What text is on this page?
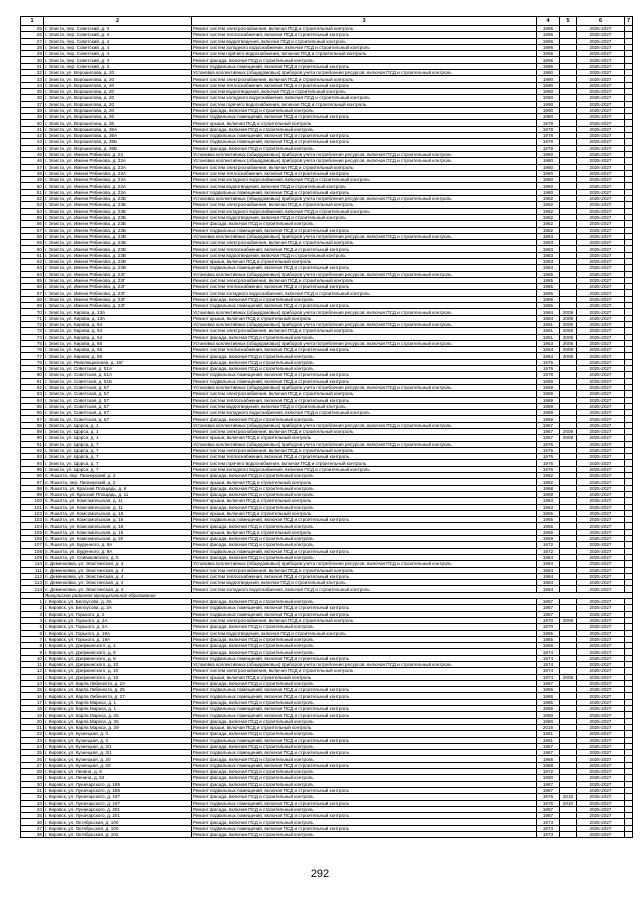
1	2	3	4	5	6	7
25	г. Элиста, пер. Советский, д. 4	Ремонт систем электроснабжения, включая ПСД и строительный контроль	1996		2025-2027	
26	г. Элиста, пер. Советский, д. 4	Ремонт систем теплоснабжения, включая ПСД и строительный контроль	1996		2025-2027	
27	г. Элиста, пер. Советский, д. 4	Ремонт систем водоотведения, включая ПСД и строительный контроль	1996		2025-2027	
28	г. Элиста, пер. Советский, д. 4	Ремонт систем холодного водоснабжения, включая ПСД и строительный контроль	1996		2025-2027	
29	г. Элиста, пер. Советский, д. 4	Ремонт систем горячего водоснабжения, включая ПСД и строительный контроль	1996		2025-2027	
30	г. Элиста, пер. Советский, д. 4	Ремонт фасада, включая ПСД и строительный контроль	1996		2025-2027	
31	г. Элиста, пер. Советский, д. 4	Ремонт подвальных помещений, включая ПСД и строительный контроль	1996		2025-2027	
32	г. Элиста, ул. Ворошилова, д. 20	Установка коллективных (общедомовых) приборов учета потребления ресурсов, включая ПСД и строительный контроль	1990		2025-2027	
33	г. Элиста, ул. Ворошилова, д. 20	Ремонт систем электроснабжения, включая ПСД и строительный контроль	1990		2025-2027	
34	г. Элиста, ул. Ворошилова, д. 20	Ремонт систем теплоснабжения, включая ПСД и строительный контроль	1990		2025-2027	
35	г. Элиста, ул. Ворошилова, д. 20	Ремонт систем водоотведения, включая ПСД и строительный контроль	1990		2025-2027	
36	г. Элиста, ул. Ворошилова, д. 20	Ремонт систем холодного водоснабжения, включая ПСД и строительный контроль	1990		2025-2027	
37	г. Элиста, ул. Ворошилова, д. 20	Ремонт систем горячего водоснабжения, включая ПСД и строительный контроль	1990		2025-2027	
38	г. Элиста, ул. Ворошилова, д. 20	Ремонт фасада, включая ПСД и строительный контроль	1990		2025-2027	
39	г. Элиста, ул. Ворошилова, д. 20	Ремонт подвальных помещений, включая ПСД и строительный контроль	1990		2025-2027	
40	г. Элиста, ул. Ворошилова, д. 36	Ремонт крыши, включая ПСД и строительный контроль	1978		2025-2027	
41	г. Элиста, ул. Ворошилова, д. 36А	Ремонт фасада, включая ПСД и строительный контроль	1978		2025-2027	
42	г. Элиста, ул. Ворошилова, д. 36А	Ремонт подвальных помещений, включая ПСД и строительный контроль	1978		2025-2027	
43	г. Элиста, ул. Ворошилова, д. 36Б	Ремонт подвальных помещений, включая ПСД и строительный контроль	1979		2025-2027	
44	г. Элиста, ул. Ворошилова, д. 36Б	Ремонт фасада, включая ПСД и строительный контроль	1979		2025-2027	
45	г. Элиста, ул. Имени Рябинова, д. 23	Установка коллективных (общедомовых) приборов учета потребления ресурсов, включая ПСД и строительный контроль	1980		2025-2027	
46	г. Элиста, ул. Имени Рябинова, д. 23А	Установка коллективных (общедомовых) приборов учета потребления ресурсов, включая ПСД и строительный контроль	1980		2025-2027	
47	г. Элиста, ул. Имени Рябинова, д. 23А	Ремонт систем электроснабжения, включая ПСД и строительный контроль	1980		2025-2027	
48	г. Элиста, ул. Имени Рябинова, д. 23А	Ремонт систем теплоснабжения, включая ПСД и строительный контроль	1980		2025-2027	
49	г. Элиста, ул. Имени Рябинова, д. 23А	Ремонт систем холодного водоснабжения, включая ПСД и строительный контроль	1980		2025-2027	
50	г. Элиста, ул. Имени Рябинова, д. 23А	Ремонт систем водоотведения, включая ПСД и строительный контроль	1980		2025-2027	
51	г. Элиста, ул. Имени Рябинова, д. 23А	Ремонт подвальных помещений, включая ПСД и строительный контроль	1980		2025-2027	
52	г. Элиста, ул. Имени Рябинова, д. 23Б	Установка коллективных (общедомовых) приборов учета потребления ресурсов, включая ПСД и строительный контроль	1982		2025-2027	
53	г. Элиста, ул. Имени Рябинова, д. 23Б	Ремонт систем электроснабжения, включая ПСД и строительный контроль	1982		2025-2027	
54	г. Элиста, ул. Имени Рябинова, д. 23Б	Ремонт систем холодного водоснабжения, включая ПСД и строительный контроль	1982		2025-2027	
55	г. Элиста, ул. Имени Рябинова, д. 23Б	Ремонт систем водоотведения, включая ПСД и строительный контроль	1982		2025-2027	
56	г. Элиста, ул. Имени Рябинова, д. 23Б	Ремонт фасада, включая ПСД и строительный контроль	1982		2025-2027	
57	г. Элиста, ул. Имени Рябинова, д. 23Б	Ремонт подвальных помещений, включая ПСД и строительный контроль	1982		2025-2027	
58	г. Элиста, ул. Имени Рябинова, д. 23В	Установка коллективных (общедомовых) приборов учета потребления ресурсов, включая ПСД и строительный контроль	1983		2025-2027	
59	г. Элиста, ул. Имени Рябинова, д. 23В	Ремонт систем электроснабжения, включая ПСД и строительный контроль	1983		2025-2027	
60	г. Элиста, ул. Имени Рябинова, д. 23В	Ремонт систем теплоснабжения, включая ПСД и строительный контроль	1983		2025-2027	
61	г. Элиста, ул. Имени Рябинова, д. 23В	Ремонт систем водоотведения, включая ПСД и строительный контроль	1983		2025-2027	
62	г. Элиста, ул. Имени Рябинова, д. 23В	Ремонт крыши, включая ПСД и строительный контроль	1983		2025-2027	
63	г. Элиста, ул. Имени Рябинова, д. 23В	Ремонт подвальных помещений, включая ПСД и строительный контроль	1983		2025-2027	
64	г. Элиста, ул. Имени Рябинова, д. 23Г	Установка коллективных (общедомовых) приборов учета потребления ресурсов, включая ПСД и строительный контроль	1985		2025-2027	
65	г. Элиста, ул. Имени Рябинова, д. 23Г	Ремонт систем электроснабжения, включая ПСД и строительный контроль	1985		2025-2027	
66	г. Элиста, ул. Имени Рябинова, д. 23Г	Ремонт систем теплоснабжения, включая ПСД и строительный контроль	1985		2025-2027	
67	г. Элиста, ул. Имени Рябинова, д. 23Г	Ремонт систем холодного водоснабжения, включая ПСД и строительный контроль	1985		2025-2027	
68	г. Элиста, ул. Имени Рябинова, д. 23Г	Ремонт фасада, включая ПСД и строительный контроль	1985		2025-2027	
69	г. Элиста, ул. Имени Рябинова, д. 23Г	Ремонт подвальных помещений, включая ПСД и строительный контроль	1985		2025-2027	
70	г. Элиста, ул. Кирова, д. 13А	Установка коллективных (общедомовых) приборов учета потребления ресурсов, включая ПСД и строительный контроль	1984	2009	2025-2027	
71	г. Элиста, ул. Кирова, д. 13А	Ремонт крыши, включая ПСД и строительный контроль	1984	2009	2025-2027	
72	г. Элиста, ул. Кирова, д. 64	Установка коллективных (общедомовых) приборов учета потребления ресурсов, включая ПСД и строительный контроль	1961	2006	2025-2027	
73	г. Элиста, ул. Кирова, д. 64	Ремонт систем электроснабжения, включая ПСД и строительный контроль	1961	2006	2025-2027	
74	г. Элиста, ул. Кирова, д. 64	Ремонт фасада, включая ПСД и строительный контроль	1961	2006	2025-2027	
75	г. Элиста, ул. Кирова, д. 66	Установка коллективных (общедомовых) приборов учета потребления ресурсов, включая ПСД и строительный контроль	1963	2008	2025-2027	
76	г. Элиста, ул. Кирова, д. 66	Ремонт систем теплоснабжения, включая ПСД и строительный контроль	1963	2008	2025-2027	
77	г. Элиста, ул. Кирова, д. 66	Ремонт фасада, включая ПСД и строительный контроль	1963	2008	2025-2027	
78	г. Элиста, ул. Революционная, д. 16Г	Ремонт фасада, включая ПСД и строительный контроль	1976		2025-2027	
79	г. Элиста, ул. Советская, д. 51А	Ремонт фасада, включая ПСД и строительный контроль	1976		2025-2027	
80	г. Элиста, ул. Советская, д. 51А	Ремонт подвальных помещений, включая ПСД и строительный контроль	1976		2025-2027	
81	г. Элиста, ул. Советская, д. 51Б	Ремонт подвальных помещений, включая ПСД и строительный контроль	1986		2025-2027	
82	г. Элиста, ул. Советская, д. 57	Установка коллективных (общедомовых) приборов учета потребления ресурсов, включая ПСД и строительный контроль	1989		2025-2027	
83	г. Элиста, ул. Советская, д. 57	Ремонт систем электроснабжения, включая ПСД и строительный контроль	1989		2025-2027	
84	г. Элиста, ул. Советская, д. 57	Ремонт систем теплоснабжения, включая ПСД и строительный контроль	1989		2025-2027	
85	г. Элиста, ул. Советская, д. 57	Ремонт систем водоотведения, включая ПСД и строительный контроль	1989		2025-2027	
86	г. Элиста, ул. Советская, д. 57	Ремонт систем холодного водоснабжения, включая ПСД и строительный контроль	1989		2025-2027	
87	г. Элиста, ул. Советская, д. 57	Ремонт фасада, включая ПСД и строительный контроль	1989		2025-2027	
88	г. Элиста, ул. Щорса, д. 1	Установка коллективных (общедомовых) приборов учета потребления ресурсов, включая ПСД и строительный контроль	1967		2025-2027	
89	г. Элиста, ул. Щорса, д. 1	Ремонт систем электроснабжения, включая ПСД и строительный контроль	1967	2009	2025-2027	
90	г. Элиста, ул. Щорса, д. 1	Ремонт крыши, включая ПСД и строительный контроль	1967	2009	2025-2027	
91	г. Элиста, ул. Щорса, д. 7	Установка коллективных (общедомовых) приборов учета потребления ресурсов, включая ПСД и строительный контроль	1976		2025-2027	
92	г. Элиста, ул. Щорса, д. 7	Ремонт систем электроснабжения, включая ПСД и строительный контроль	1976		2025-2027	
93	г. Элиста, ул. Щорса, д. 7	Ремонт систем теплоснабжения, включая ПСД и строительный контроль	1976		2025-2027	
94	г. Элиста, ул. Щорса, д. 7	Ремонт систем горячего водоснабжения, включая ПСД и строительный контроль	1976		2025-2027	
95	г. Элиста, ул. Щорса, д. 7	Ремонт систем холодного водоснабжения, включая ПСД и строительный контроль	1976		2025-2027	
96	п. Яшалта, пер. Пионерский, д. 2	Ремонт фасада, включая ПСД и строительный контроль	1982		2025-2027	
97	п. Яшалта, пер. Пионерский, д. 2	Ремонт крыши, включая ПСД и строительный контроль	1982		2025-2027	
98	п. Яшалта, ул. Красная Площадь, д. 9	Ремонт фасада, включая ПСД и строительный контроль	1968		2025-2027	
99	п. Яшалта, ул. Красная Площадь, д. 11	Ремонт фасада, включая ПСД и строительный контроль	1969		2025-2027	
100	п. Яшалта, ул. Комсомольская, д. 11	Ремонт крыши, включая ПСД и строительный контроль	1963		2025-2027	
101	п. Яшалта, ул. Комсомольская, д. 11	Ремонт фасада, включая ПСД и строительный контроль	1963		2025-2027	
102	п. Яшалта, ул. Комсомольская, д. 16	Ремонт крыши, включая ПСД и строительный контроль	1965		2025-2027	
103	п. Яшалта, ул. Комсомольская, д. 16	Ремонт подвальных помещений, включая ПСД и строительный контроль	1965		2025-2027	
104	п. Яшалта, ул. Комсомольская, д. 18	Ремонт фасада, включая ПСД и строительный контроль	1965		2025-2027	
105	п. Яшалта, ул. Комсомольская, д. 18	Ремонт крыши, включая ПСД и строительный контроль	1965		2025-2027	
106	п. Яшалта, ул. Комсомольская, д. 20	Ремонт фасада, включая ПСД и строительный контроль	1969		2025-2027	
107	п. Яшалта, ул. Буденного, д. 9А	Ремонт фасада, включая ПСД и строительный контроль	1972		2025-2027	
108	п. Яшалта, ул. Буденного, д. 9А	Ремонт подвальных помещений, включая ПСД и строительный контроль	1972		2025-2027	
109	п. Яшалта, ул. Спиваковского, д. 5	Ремонт фасада, включая ПСД и строительный контроль	1984		2025-2027	
110	п. Деменковка, ул. Элистинская, д. 4	Установка коллективных (общедомовых) приборов учета потребления ресурсов, включая ПСД и строительный контроль	1984		2025-2027	
111	п. Деменковка, ул. Элистинская, д. 4	Ремонт систем электроснабжения, включая ПСД и строительный контроль	1984		2025-2027	
112	п. Деменковка, ул. Элистинская, д. 4	Ремонт систем теплоснабжения, включая ПСД и строительный контроль	1984		2025-2027	
113	п. Деменковка, ул. Элистинская, д. 4	Ремонт систем водоотведения, включая ПСД и строительный контроль	1984		2025-2027	
114	п. Деменковка, ул. Элистинская, д. 4	Ремонт систем холодного водоснабжения, включая ПСД и строительный контроль	1984		2025-2027	
	Яшкульское районное муниципальное образование					
1	г. Кировск, ул. Белоусова, д. 3А	Ремонт фасада, включая ПСД и строительный контроль	1987		2025-2027	
2	г. Кировск, ул. Белоусова, д. 3А	Ремонт подвальных помещений, включая ПСД и строительный контроль	1987		2025-2027	
3	г. Кировск, ул. Горького, д. 2	Ремонт подвальных помещений, включая ПСД и строительный контроль	1987		2025-2027	
4	г. Кировск, ул. Горького, д. 2А	Ремонт систем электроснабжения, включая ПСД и строительный контроль	1970	2008	2025-2027	
5	г. Кировск, ул. Горького, д. 2А	Ремонт фасада, включая ПСД и строительный контроль	1970		2025-2027	
6	г. Кировск, ул. Горького, д. 19А	Ремонт систем водоотведения, включая ПСД и строительный контроль	1985		2025-2027	
7	г. Кировск, ул. Горького, д. 19А	Ремонт фасада, включая ПСД и строительный контроль	1985		2025-2027	
8	г. Кировск, ул. Дзержинского, д. 1	Ремонт фасада, включая ПСД и строительный контроль	1966		2025-2027	
9	г. Кировск, ул. Дзержинского, д. 8	Ремонт фасада, включая ПСД и строительный контроль	1974		2025-2027	
10	г. Кировск, ул. Дзержинского, д. 8	Ремонт подвальных помещений, включая ПСД и строительный контроль	1974		2025-2027	
11	г. Кировск, ул. Дзержинского, д. 10	Установка коллективных (общедомовых) приборов учета потребления ресурсов, включая ПСД и строительный контроль	1974		2025-2027	
12	г. Кировск, ул. Дзержинского, д. 10	Ремонт систем электроснабжения, включая ПСД и строительный контроль	1974		2025-2027	
13	г. Кировск, ул. Дзержинского, д. 10	Ремонт крыши, включая ПСД и строительный контроль	1974	2009	2025-2027	
14	г. Кировск, ул. Карла Либкнехта, д. 2А	Ремонт фасада, включая ПСД и строительный контроль	1987		2025-2027	
15	г. Кировск, ул. Карла Либкнехта, д. 25	Ремонт подвальных помещений, включая ПСД и строительный контроль	1986		2025-2027	
16	г. Кировск, ул. Карла Либкнехта, д. 27	Ремонт подвальных помещений, включая ПСД и строительный контроль	1986		2025-2027	
17	г. Кировск, ул. Карла Маркса, д. 1	Ремонт фасада, включая ПСД и строительный контроль	1985		2025-2027	
18	г. Кировск, ул. Карла Маркса, д. 1	Ремонт подвальных помещений, включая ПСД и строительный контроль	1985		2025-2027	
19	г. Кировск, ул. Карла Маркса, д. 25	Ремонт подвальных помещений, включая ПСД и строительный контроль	1980		2025-2027	
20	г. Кировск, ул. Карла Маркса, д. 25	Ремонт фасада, включая ПСД и строительный контроль	1980		2025-2027	
21	г. Кировск, ул. Карла Маркса, д. 29	Ремонт крыши, включая ПСД и строительный контроль	2016		2025-2027	
22	г. Кировск, ул. Кузнецкая, д. 3	Ремонт фасада, включая ПСД и строительный контроль	1981		2025-2027	
23	г. Кировск, ул. Кузнецкая, д. 3	Ремонт подвальных помещений, включая ПСД и строительный контроль	1981		2025-2027	
24	г. Кировск, ул. Кузнецкая, д. 3/1	Ремонт фасада, включая ПСД и строительный контроль	1987		2025-2027	
25	г. Кировск, ул. Кузнецкая, д. 3/1	Ремонт подвальных помещений, включая ПСД и строительный контроль	1987		2025-2027	
26	г. Кировск, ул. Кузнецкая, д. 20	Ремонт фасада, включая ПСД и строительный контроль	1988		2025-2027	
27	г. Кировск, ул. Кузнецкая, д. 20	Ремонт подвальных помещений, включая ПСД и строительный контроль	1988		2025-2027	
28	г. Кировск, ул. Ленина, д. 9	Ремонт фасада, включая ПСД и строительный контроль	1972		2025-2027	
29	г. Кировск, ул. Ленина, д. 53	Ремонт фасада, включая ПСД и строительный контроль	1980		2025-2027	
30	г. Кировск, ул. Луначарского, д. 185	Ремонт фасада, включая ПСД и строительный контроль	1987		2025-2027	
31	г. Кировск, ул. Луначарского, д. 185	Ремонт подвальных помещений, включая ПСД и строительный контроль	1987		2025-2027	
32	г. Кировск, ул. Луначарского, д. 197	Ремонт фасада, включая ПСД и строительный контроль	1976	2010	2025-2027	
33	г. Кировск, ул. Луначарского, д. 197	Ремонт подвальных помещений, включая ПСД и строительный контроль	1976	2010	2025-2027	
34	г. Кировск, ул. Луначарского, д. 201	Ремонт фасада, включая ПСД и строительный контроль	1987		2025-2027	
35	г. Кировск, ул. Луначарского, д. 201	Ремонт подвальных помещений, включая ПСД и строительный контроль	1987		2025-2027	
36	г. Кировск, ул. Октябрьская, д. 100	Ремонт фасада, включая ПСД и строительный контроль	1973		2025-2027	
37	г. Кировск, ул. Октябрьская, д. 100	Ремонт подвальных помещений, включая ПСД и строительный контроль	1973		2025-2027	
38	г. Кировск, ул. Октябрьская, д. 102	Ремонт фасада, включая ПСД и строительный контроль	1973		2025-2027	
292
